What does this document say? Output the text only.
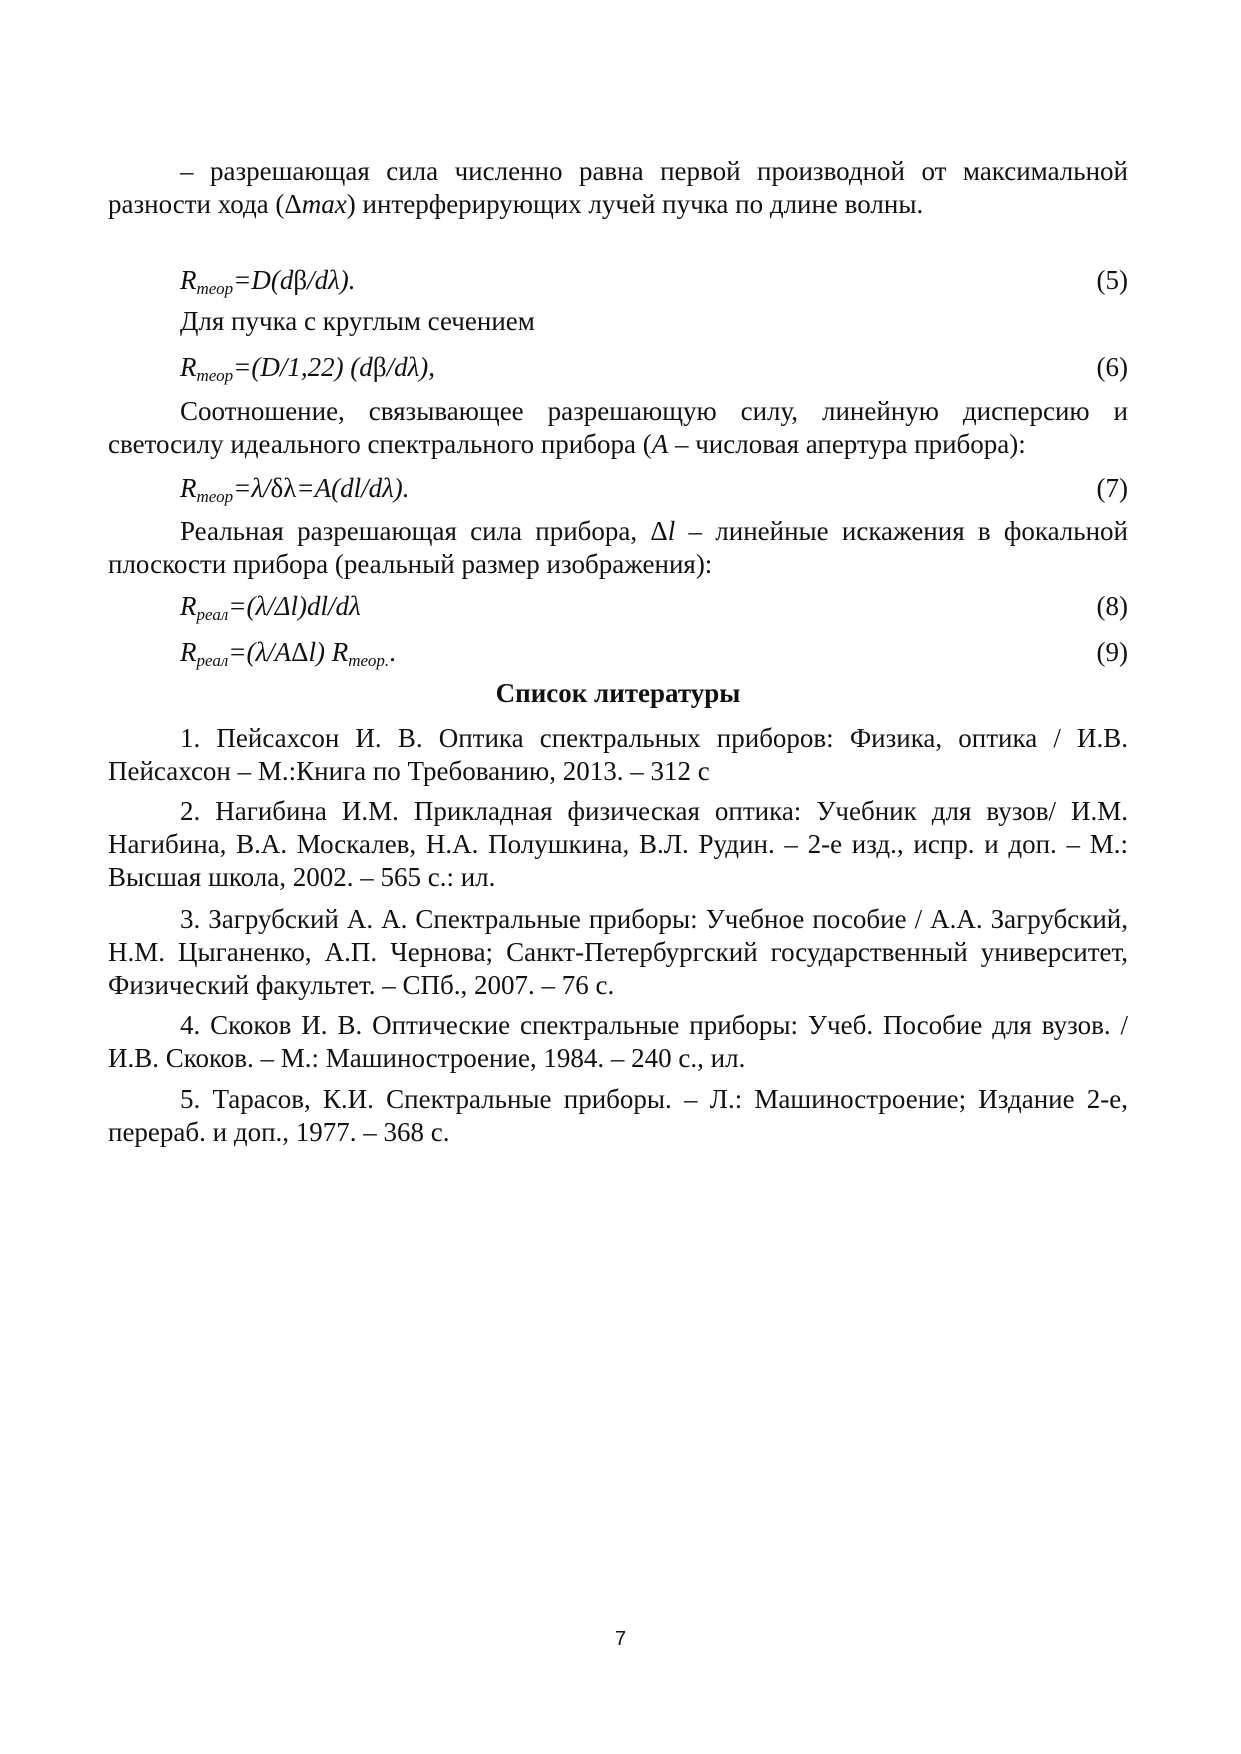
– разрешающая сила численно равна первой производной от максимальной разности хода (Δmax) интерферирующих лучей пучка по длине волны.

$R_{теор}=D(d\beta/d\lambda)$.	(5)

Для пучка с круглым сечением

$R_{теор}=(D/1,22)$ (dβ/dλ),	(6)

Соотношение, связывающее разрешающую силу, линейную дисперсию и светосилу идеального спектрального прибора (A – числовая апертура прибора):

$R_{теор}=\lambda/\delta\lambda=A(dl/d\lambda)$.	(7)

Реальная разрешающая сила прибора, Δl – линейные искажения в фокальной плоскости прибора (реальный размер изображения):

$R_{реал}=(\lambda/\Delta l)dl/d\lambda$	(8)
$R_{реал}=(\lambda/A\Delta l)$ $R_{теор.}$.	(9)
Список литературы

1. Пейсахсон И. В. Оптика спектральных приборов: Физика, оптика / И.В. Пейсахсон – М.:Книга по Требованию, 2013. – 312 с

2. Нагибина И.М. Прикладная физическая оптика: Учебник для вузов/ И.М. Нагибина, В.А. Москалев, Н.А. Полушкина, В.Л. Рудин. – 2-е изд., испр. и доп. – М.: Высшая школа, 2002. – 565 с.: ил.

3. Загрубский А. А. Спектральные приборы: Учебное пособие / А.А. Загрубский, Н.М. Цыганенко, А.П. Чернова; Санкт-Петербургский государственный университет, Физический факультет. – СПб., 2007. – 76 с.

4. Скоков И. В. Оптические спектральные приборы: Учеб. Пособие для вузов. / И.В. Скоков. – М.: Машиностроение, 1984. – 240 с., ил.

5. Тарасов, К.И. Спектральные приборы. – Л.: Машиностроение; Издание 2-е, перераб. и доп., 1977. – 368 с.

7
